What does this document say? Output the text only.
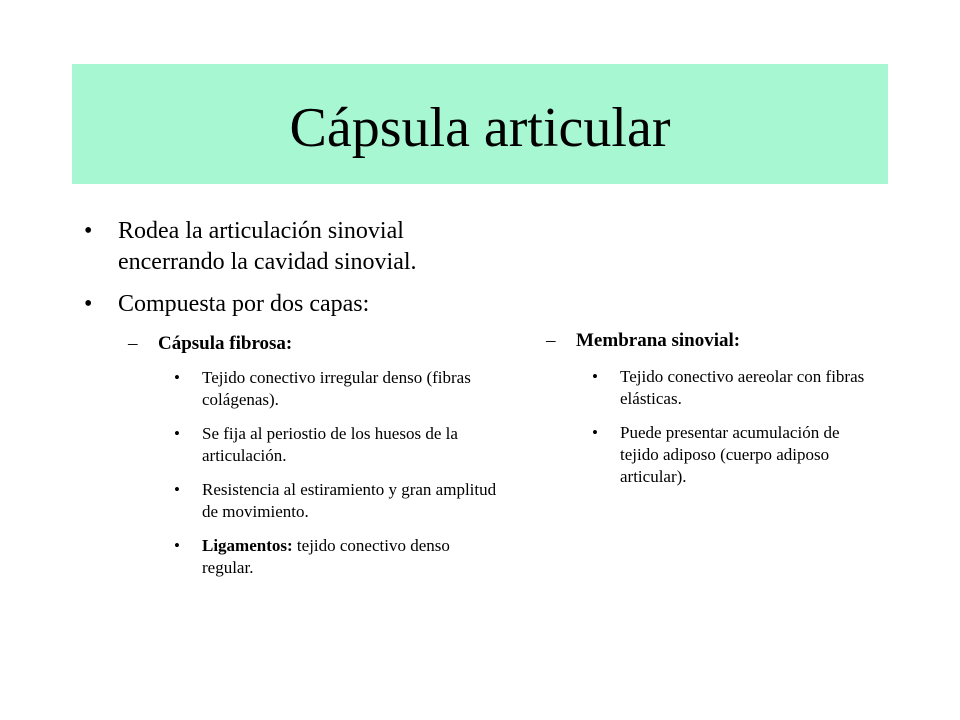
Cápsula articular
• Rodea la articulación sinovial encerrando la cavidad sinovial.
• Compuesta por dos capas:
– Cápsula fibrosa:
• Tejido conectivo irregular denso (fibras colágenas).
• Se fija al periostio de los huesos de la articulación.
• Resistencia al estiramiento y gran amplitud de movimiento.
• Ligamentos: tejido conectivo denso regular.
– Membrana sinovial:
• Tejido conectivo aereolar con fibras elásticas.
• Puede presentar acumulación de tejido adiposo (cuerpo adiposo articular).
